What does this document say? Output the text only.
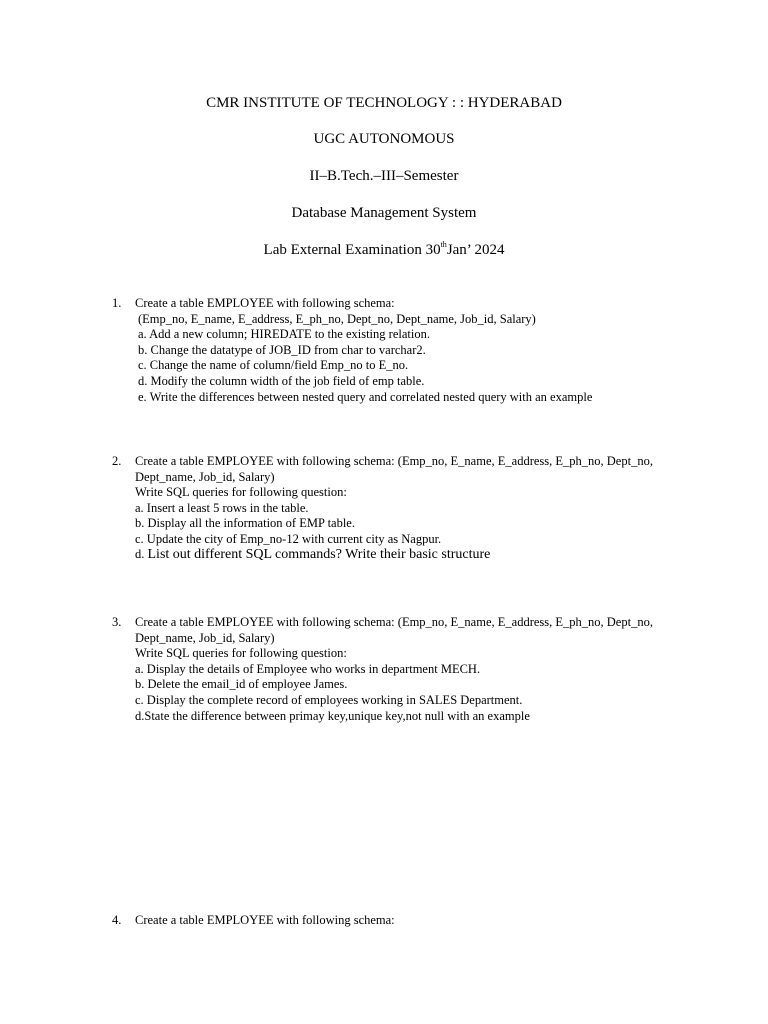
CMR INSTITUTE OF TECHNOLOGY : : HYDERABAD
UGC AUTONOMOUS
II–B.Tech.–III–Semester
Database Management System
Lab External Examination 30thJan’ 2024
1. Create a table EMPLOYEE with following schema:
(Emp_no, E_name, E_address, E_ph_no, Dept_no, Dept_name, Job_id, Salary)
a. Add a new column; HIREDATE to the existing relation.
b. Change the datatype of JOB_ID from char to varchar2.
c. Change the name of column/field Emp_no to E_no.
d. Modify the column width of the job field of emp table.
e. Write the differences between nested query and correlated nested query with an example
2. Create a table EMPLOYEE with following schema: (Emp_no, E_name, E_address, E_ph_no, Dept_no,
Dept_name, Job_id, Salary)
Write SQL queries for following question:
a. Insert a least 5 rows in the table.
b. Display all the information of EMP table.
c. Update the city of Emp_no-12 with current city as Nagpur.
d. List out different SQL commands? Write their basic structure
3. Create a table EMPLOYEE with following schema: (Emp_no, E_name, E_address, E_ph_no, Dept_no,
Dept_name, Job_id, Salary)
Write SQL queries for following question:
a. Display the details of Employee who works in department MECH.
b. Delete the email_id of employee James.
c. Display the complete record of employees working in SALES Department.
d.State the difference between primay key,unique key,not null with an example
4. Create a table EMPLOYEE with following schema:
